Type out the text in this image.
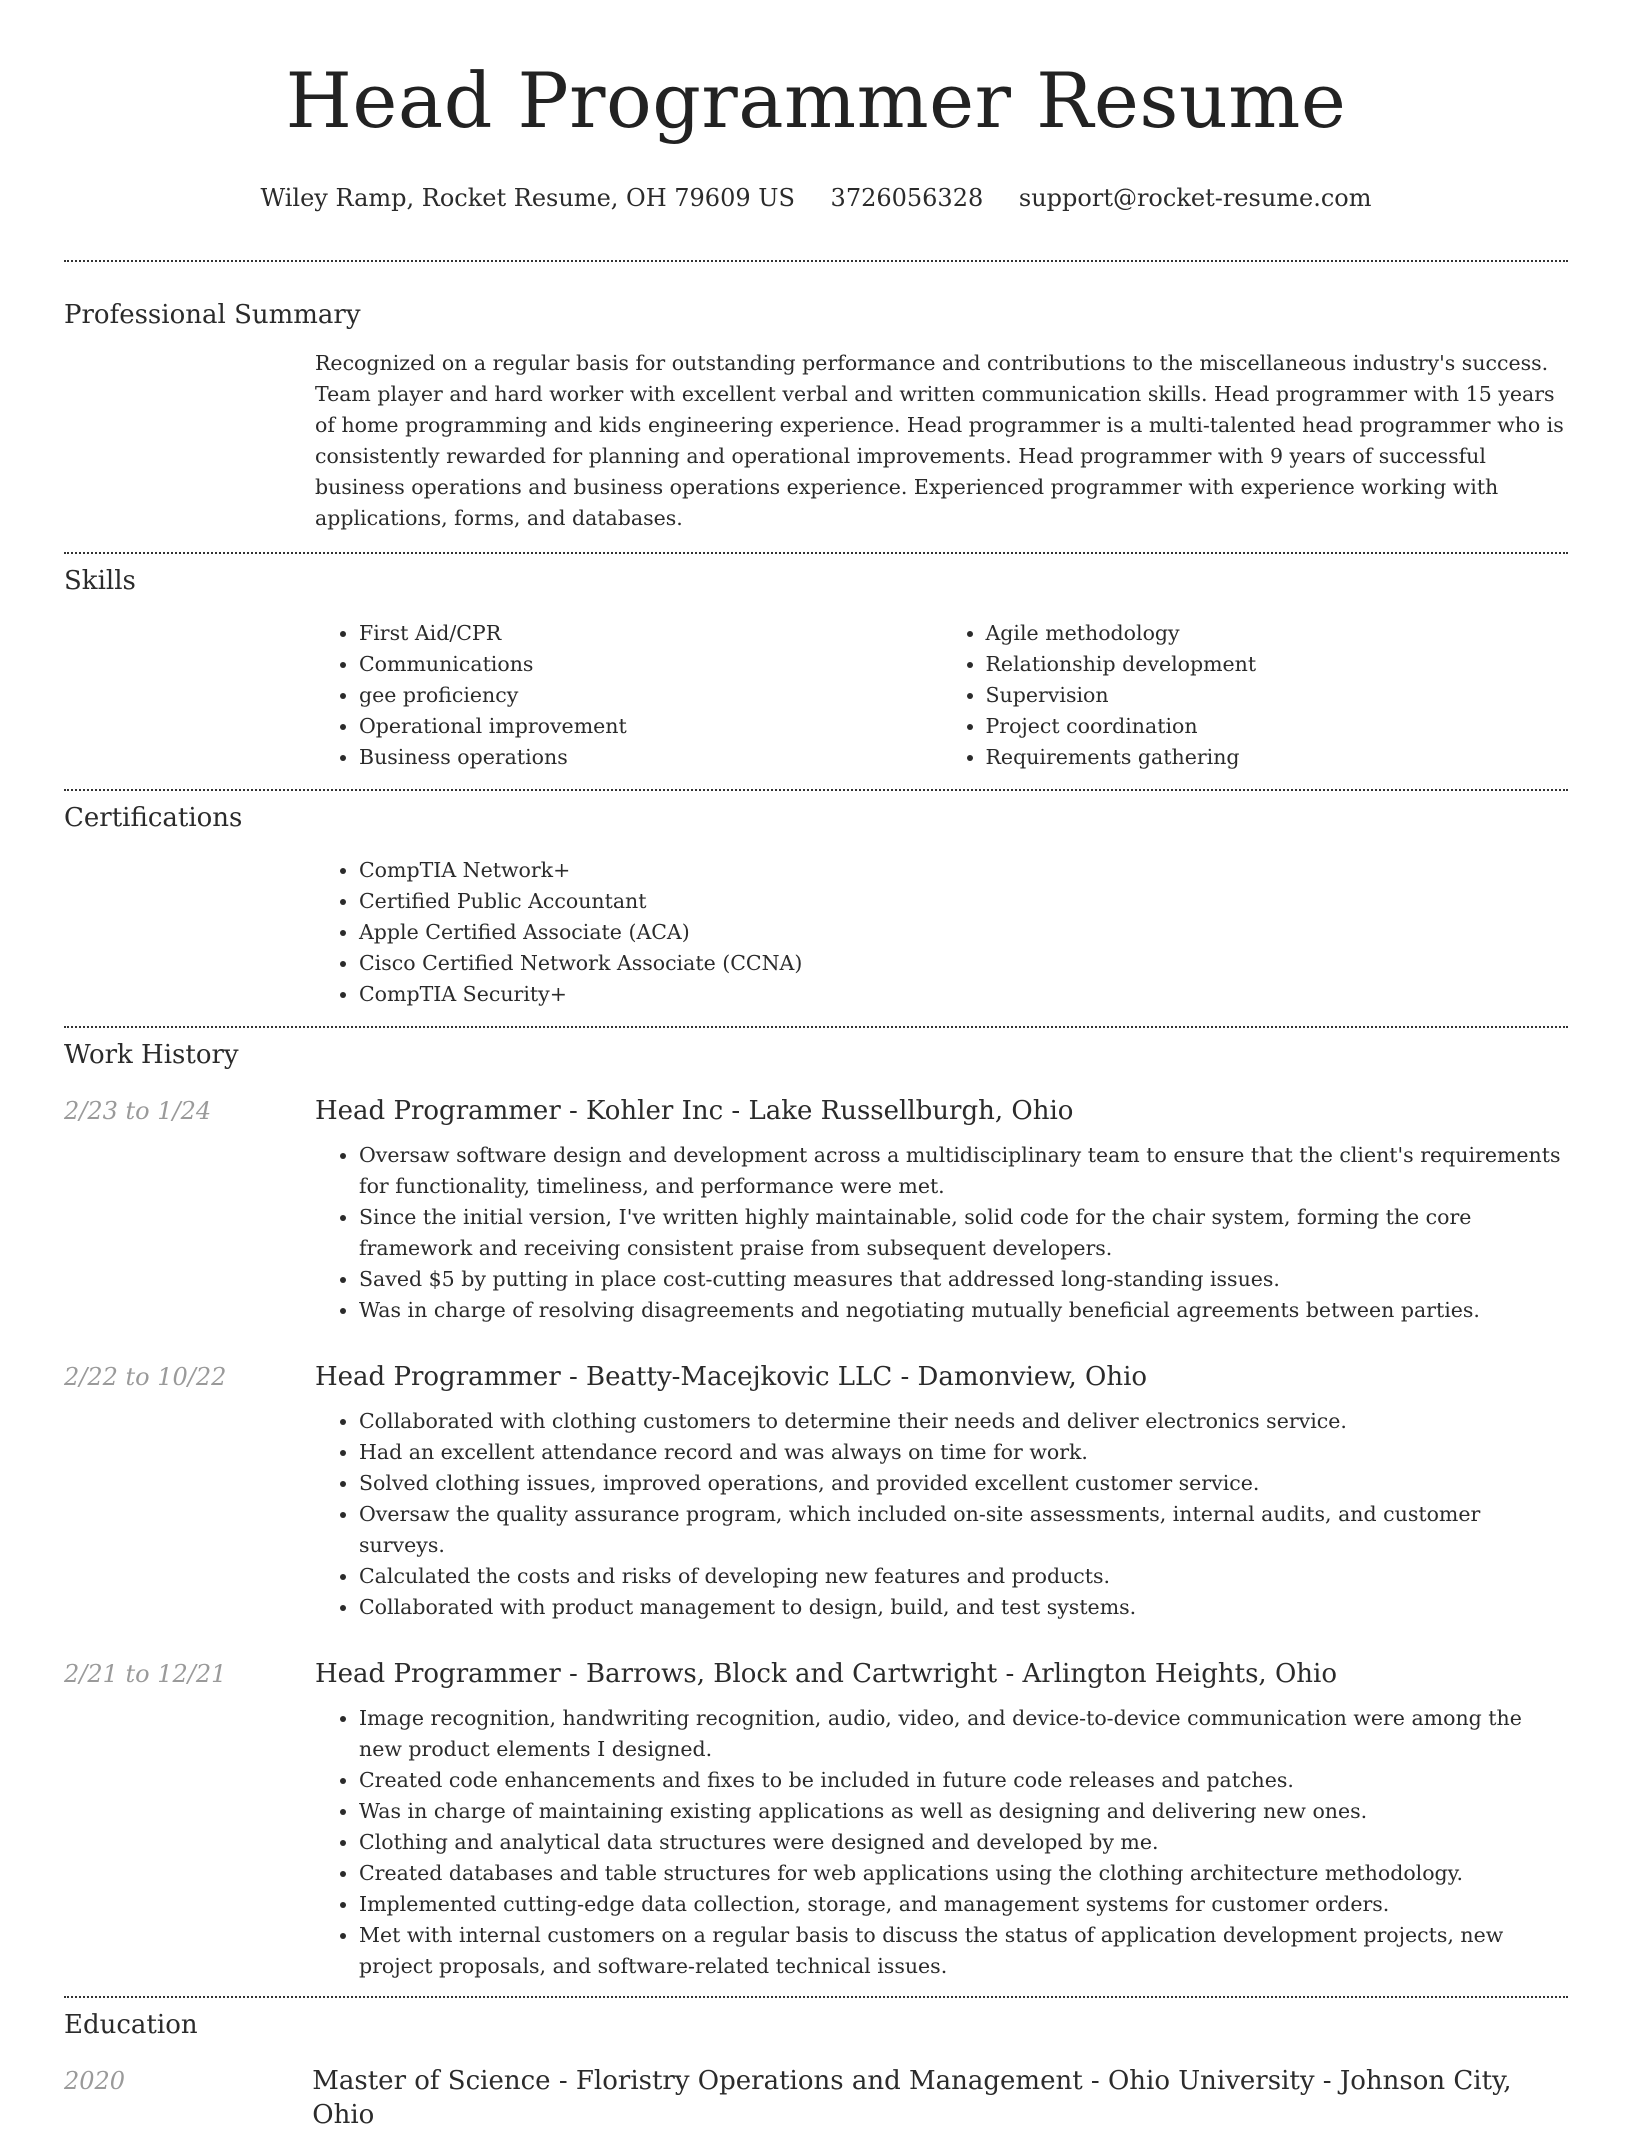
Head Programmer Resume
Wiley Ramp, Rocket Resume, OH 79609 US 3726056328 support@rocket-resume.com
Professional Summary
Recognized on a regular basis for outstanding performance and contributions to the miscellaneous industry's success. Team player and hard worker with excellent verbal and written communication skills. Head programmer with 15 years of home programming and kids engineering experience. Head programmer is a multi-talented head programmer who is consistently rewarded for planning and operational improvements. Head programmer with 9 years of successful business operations and business operations experience. Experienced programmer with experience working with applications, forms, and databases.
Skills
• First Aid/CPR
• Communications
• gee proficiency
• Operational improvement
• Business operations
• Agile methodology
• Relationship development
• Supervision
• Project coordination
• Requirements gathering
Certifications
• CompTIA Network+
• Certified Public Accountant
• Apple Certified Associate (ACA)
• Cisco Certified Network Associate (CCNA)
• CompTIA Security+
Work History
2/23 to 1/24	Head Programmer - Kohler Inc - Lake Russellburgh, Ohio
• Oversaw software design and development across a multidisciplinary team to ensure that the client's requirements for functionality, timeliness, and performance were met.
• Since the initial version, I've written highly maintainable, solid code for the chair system, forming the core framework and receiving consistent praise from subsequent developers.
• Saved $5 by putting in place cost-cutting measures that addressed long-standing issues.
• Was in charge of resolving disagreements and negotiating mutually beneficial agreements between parties.
2/22 to 10/22	Head Programmer - Beatty-Macejkovic LLC - Damonview, Ohio
• Collaborated with clothing customers to determine their needs and deliver electronics service.
• Had an excellent attendance record and was always on time for work.
• Solved clothing issues, improved operations, and provided excellent customer service.
• Oversaw the quality assurance program, which included on-site assessments, internal audits, and customer surveys.
• Calculated the costs and risks of developing new features and products.
• Collaborated with product management to design, build, and test systems.
2/21 to 12/21	Head Programmer - Barrows, Block and Cartwright - Arlington Heights, Ohio
• Image recognition, handwriting recognition, audio, video, and device-to-device communication were among the new product elements I designed.
• Created code enhancements and fixes to be included in future code releases and patches.
• Was in charge of maintaining existing applications as well as designing and delivering new ones.
• Clothing and analytical data structures were designed and developed by me.
• Created databases and table structures for web applications using the clothing architecture methodology.
• Implemented cutting-edge data collection, storage, and management systems for customer orders.
• Met with internal customers on a regular basis to discuss the status of application development projects, new project proposals, and software-related technical issues.
Education
2020	Master of Science - Floristry Operations and Management - Ohio University - Johnson City, Ohio
